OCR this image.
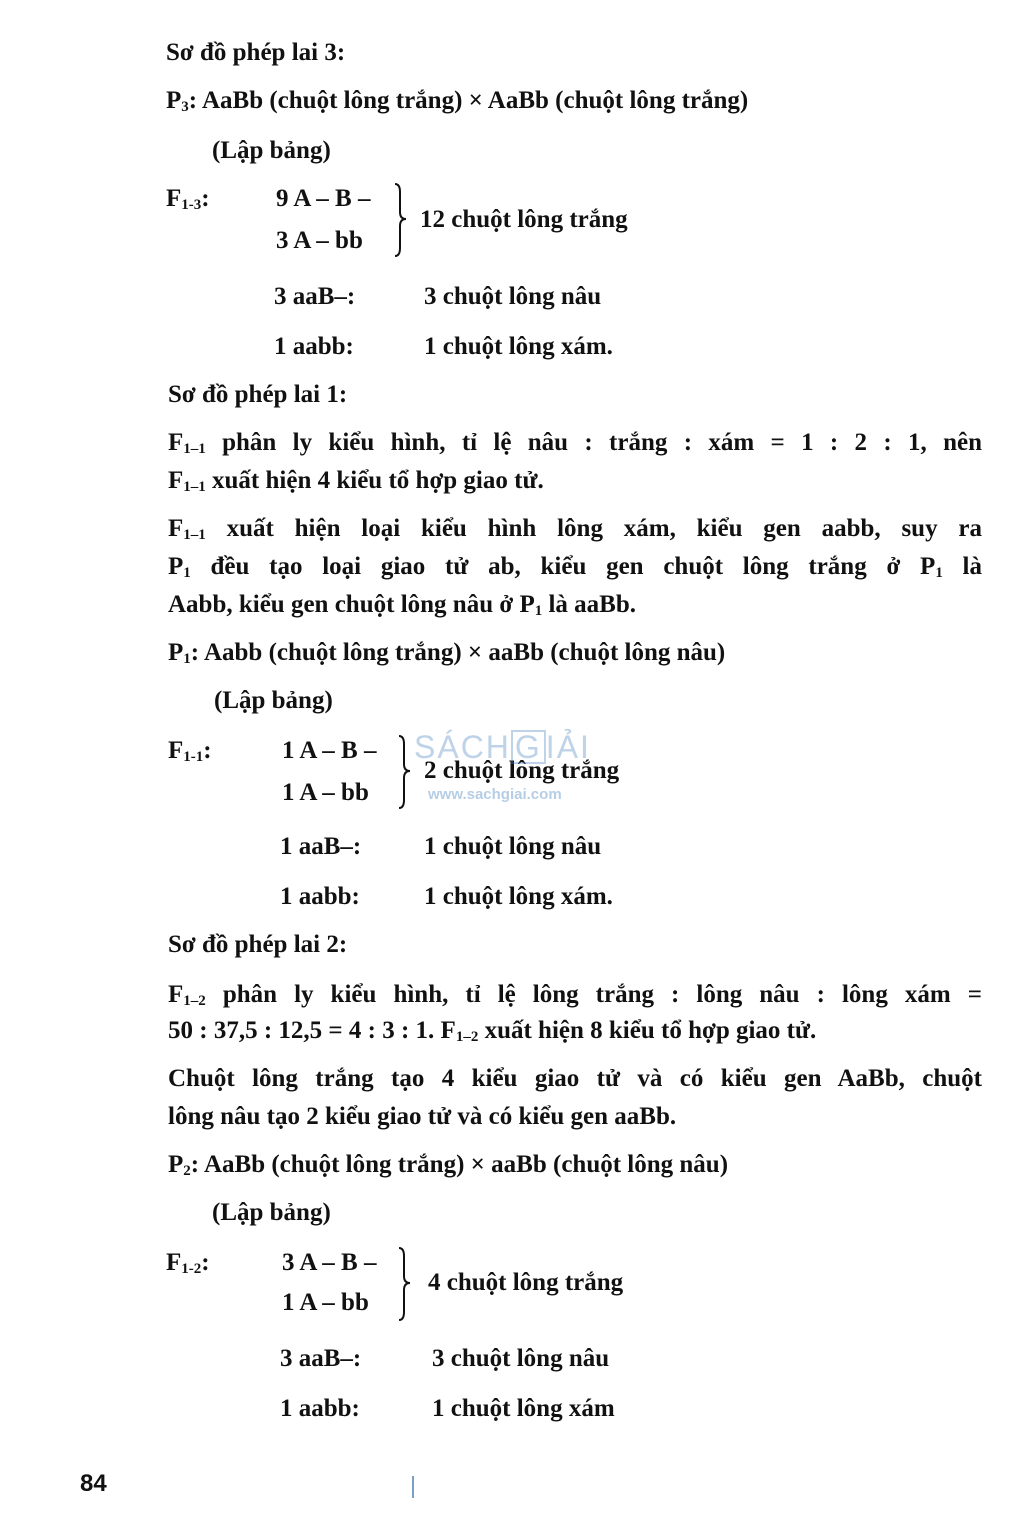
Sơ đồ phép lai 3:
$P_3$: AaBb (chuột lông trắng) × AaBb (chuột lông trắng)
(Lập bảng)
$F_{1-3}$:	9 A – B –
3 A – bb
12 chuột lông trắng
3 aaB–:	3 chuột lông nâu
1 aabb:	1 chuột lông xám.
Sơ đồ phép lai 1:
$F_{1-1}$ phân ly kiểu hình, tỉ lệ nâu : trắng : xám = 1 : 2 : 1, nên
$F_{1-1}$ xuất hiện 4 kiểu tổ hợp giao tử.
$F_{1-1}$ xuất hiện loại kiểu hình lông xám, kiểu gen aabb, suy ra
$P_1$ đều tạo loại giao tử ab, kiểu gen chuột lông trắng ở $P_1$ là
Aabb, kiểu gen chuột lông nâu ở $P_1$ là aaBb.
$P_1$: Aabb (chuột lông trắng) × aaBb (chuột lông nâu)
(Lập bảng)
$F_{1-1}$:	1 A – B –
1 A – bb
2 chuột lông trắng
1 aaB–:	1 chuột lông nâu
1 aabb:	1 chuột lông xám.
Sơ đồ phép lai 2:
$F_{1-2}$ phân ly kiểu hình, tỉ lệ lông trắng : lông nâu : lông xám =
50 : 37,5 : 12,5 = 4 : 3 : 1. $F_{1-2}$ xuất hiện 8 kiểu tổ hợp giao tử.
Chuột lông trắng tạo 4 kiểu giao tử và có kiểu gen AaBb, chuột
lông nâu tạo 2 kiểu giao tử và có kiểu gen aaBb.
$P_2$: AaBb (chuột lông trắng) × aaBb (chuột lông nâu)
(Lập bảng)
$F_{1-2}$:	3 A – B –
1 A – bb
4 chuột lông trắng
3 aaB–:	3 chuột lông nâu
1 aabb:	1 chuột lông xám
SÁCH G IẢI
www.sachgiai.com
84
